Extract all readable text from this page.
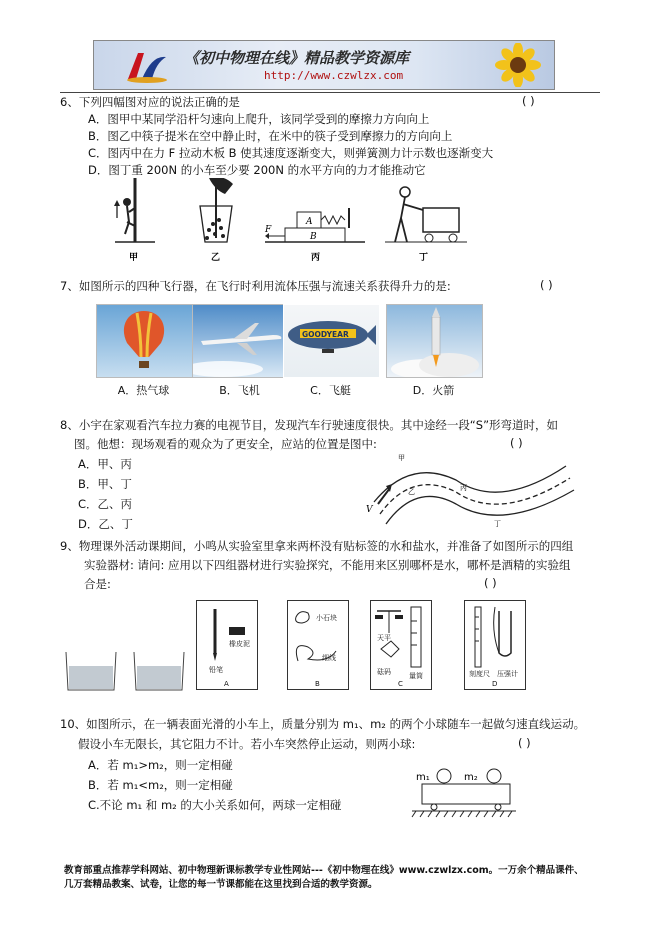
《初中物理在线》精品教学资源库
http://www.czwlzx.com
6、下列四幅图对应的说法正确的是	( )
A．图甲中某同学沿杆匀速向上爬升，该同学受到的摩擦力方向向上
B．图乙中筷子提米在空中静止时，在米中的筷子受到摩擦力的方向向上
C．图丙中在力 F 拉动木板 B 使其速度逐渐变大，则弹簧测力计示数也逐渐变大
D．图丁重 200N 的小车至少要 200N 的水平方向的力才能推动它
F
A
B
甲	乙	丙	丁
7、如图所示的四种飞行器，在飞行时利用流体压强与流速关系获得升力的是:	( )
GOODYEAR
A．热气球	B．飞机	C．飞艇	D．火箭
8、小宇在家观看汽车拉力赛的电视节目，发现汽车行驶速度很快。其中途经一段“S”形弯道时，如
图。他想：现场观看的观众为了更安全，应站的位置是图中:	( )
A．甲、丙
B．甲、丁
C．乙、丙
D．乙、丁
V
甲
乙	丙
丁
9、物理课外活动课期间，小鸣从实验室里拿来两杯没有贴标签的水和盐水，并准备了如图所示的四组
实验器材: 请问: 应用以下四组器材进行实验探究，不能用来区别哪杯是水，哪杯是酒精的实验组
合是:	( )
铅笔
橡皮泥
A
小石块
细线
B
天平
砝码	量筒
C
刻度尺 压强计
D
10、如图所示，在一辆表面光滑的小车上，质量分别为 m₁、m₂ 的两个小球随车一起做匀速直线运动。
假设小车无限长，其它阻力不计。若小车突然停止运动，则两小球:	( )
A．若 m₁>m₂，则一定相碰
B．若 m₁<m₂，则一定相碰
C.不论 m₁ 和 m₂ 的大小关系如何，两球一定相碰
m₁	m₂
教育部重点推荐学科网站、初中物理新课标教学专业性网站---《初中物理在线》www.czwlzx.com。一万余个精品课件、
几万套精品教案、试卷，让您的每一节课都能在这里找到合适的教学资源。
